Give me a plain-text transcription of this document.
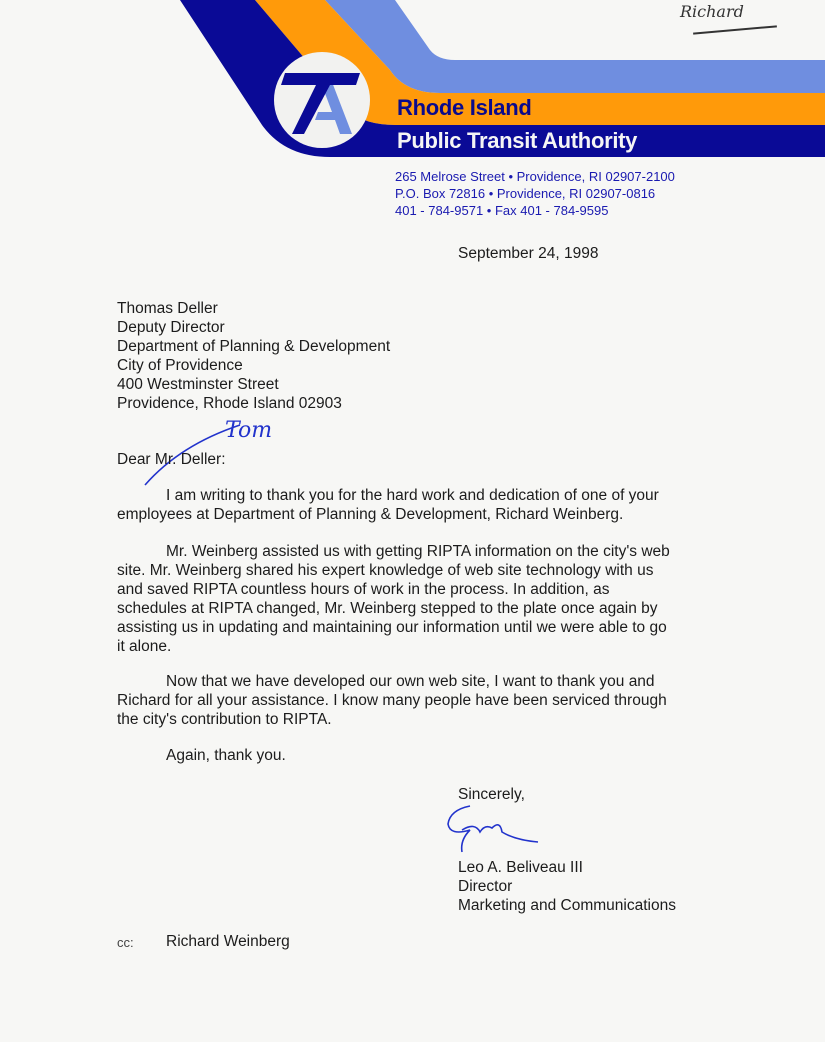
Rhode Island
Public Transit Authority
265 Melrose Street • Providence, RI 02907-2100
P.O. Box 72816 • Providence, RI 02907-0816
401 - 784-9571 • Fax 401 - 784-9595
Richard
September 24, 1998
Thomas Deller
Deputy Director
Department of Planning & Development
City of Providence
400 Westminster Street
Providence, Rhode Island 02903
Tom
Dear Mr. Deller:
I am writing to thank you for the hard work and dedication of one of your
employees at Department of Planning & Development, Richard Weinberg.
Mr. Weinberg assisted us with getting RIPTA information on the city's web
site. Mr. Weinberg shared his expert knowledge of web site technology with us
and saved RIPTA countless hours of work in the process. In addition, as
schedules at RIPTA changed, Mr. Weinberg stepped to the plate once again by
assisting us in updating and maintaining our information until we were able to go
it alone.
Now that we have developed our own web site, I want to thank you and
Richard for all your assistance. I know many people have been serviced through
the city's contribution to RIPTA.
Again, thank you.
Sincerely,
Leo A. Beliveau III
Director
Marketing and Communications
cc: Richard Weinberg
